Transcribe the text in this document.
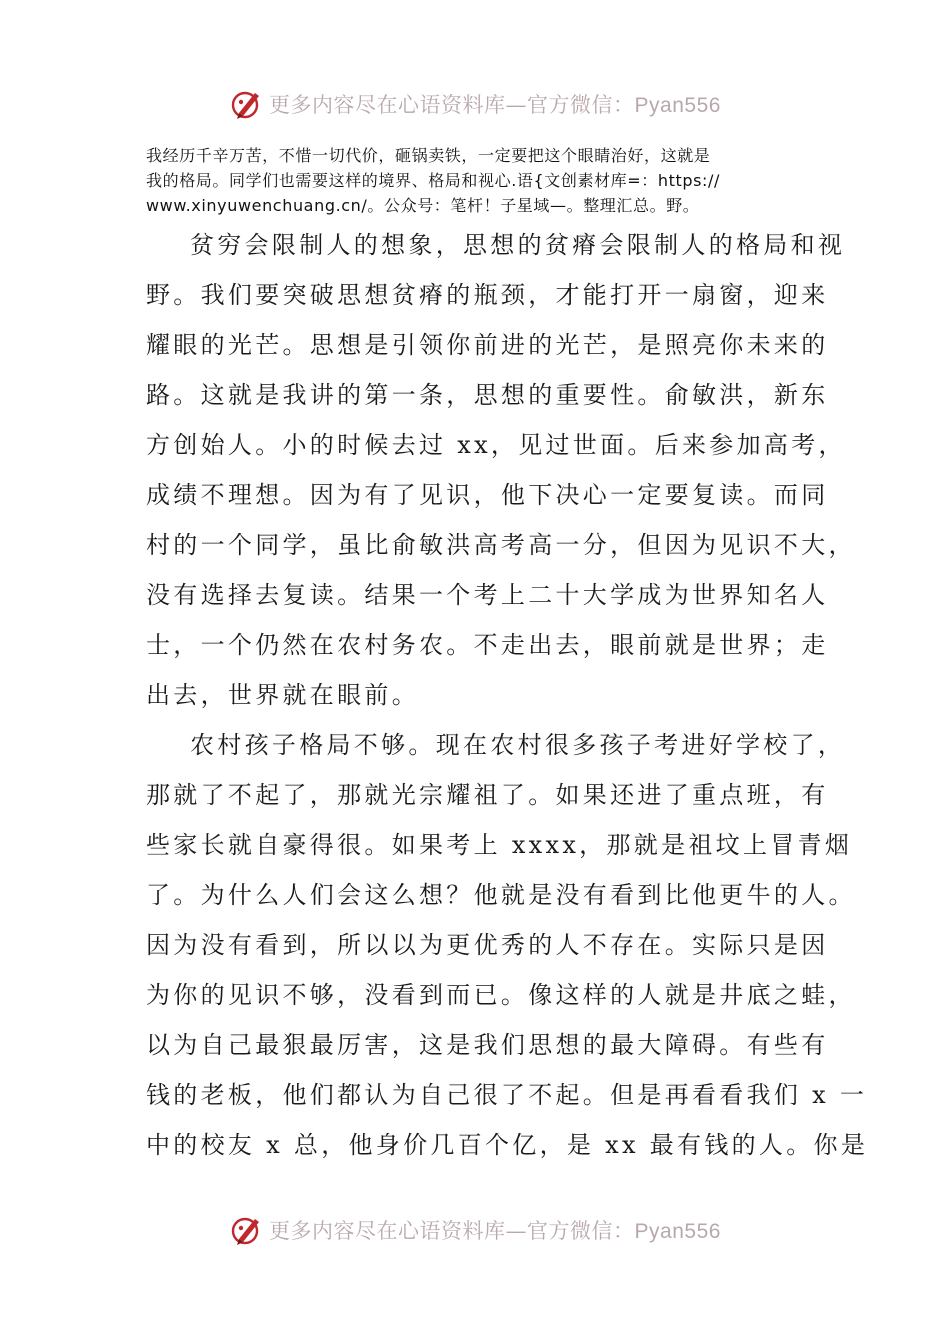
更多内容尽在心语资料库—官方微信：Pyan556
我经历千辛万苦，不惜一切代价，砸锅卖铁，一定要把这个眼睛治好，这就是
我的格局。同学们也需要这样的境界、格局和视心.语{文创素材库=：https://
www.xinyuwenchuang.cn/。公众号：笔杆！子星域—。整理汇总。野。
贫穷会限制人的想象，思想的贫瘠会限制人的格局和视
野。我们要突破思想贫瘠的瓶颈，才能打开一扇窗，迎来
耀眼的光芒。思想是引领你前进的光芒，是照亮你未来的
路。这就是我讲的第一条，思想的重要性。俞敏洪，新东
方创始人。小的时候去过 xx，见过世面。后来参加高考，
成绩不理想。因为有了见识，他下决心一定要复读。而同
村的一个同学，虽比俞敏洪高考高一分，但因为见识不大，
没有选择去复读。结果一个考上二十大学成为世界知名人
士，一个仍然在农村务农。不走出去，眼前就是世界；走
出去，世界就在眼前。
农村孩子格局不够。现在农村很多孩子考进好学校了，
那就了不起了，那就光宗耀祖了。如果还进了重点班，有
些家长就自豪得很。如果考上 xxxx，那就是祖坟上冒青烟
了。为什么人们会这么想？他就是没有看到比他更牛的人。
因为没有看到，所以以为更优秀的人不存在。实际只是因
为你的见识不够，没看到而已。像这样的人就是井底之蛙，
以为自己最狠最厉害，这是我们思想的最大障碍。有些有
钱的老板，他们都认为自己很了不起。但是再看看我们 x 一
中的校友 x 总，他身价几百个亿，是 xx 最有钱的人。你是
更多内容尽在心语资料库—官方微信：Pyan556
